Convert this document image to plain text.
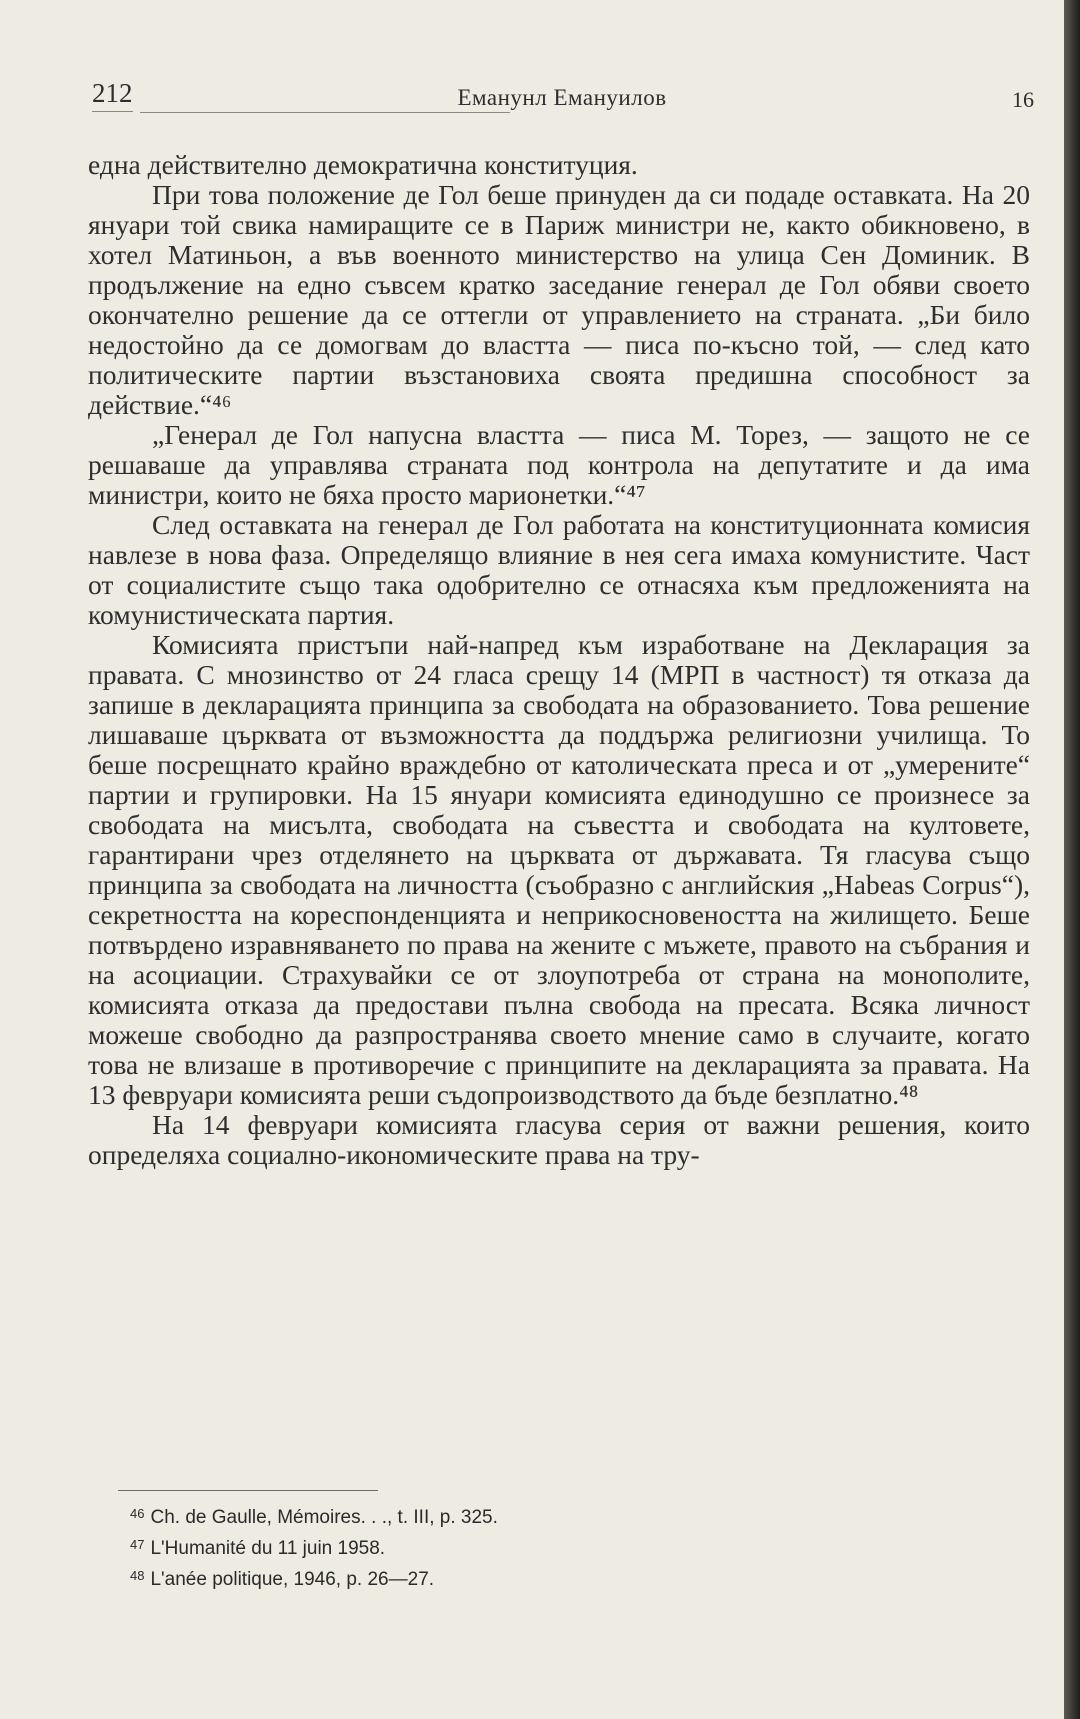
212	Еманунл Емануилов	16

една действително демократична конституция.

При това положение де Гол беше принуден да си подаде оставката. На 20 януари той свика намиращите се в Париж министри не, както обикновено, в хотел Матиньон, а във военното министерство на улица Сен Доминик. В продължение на едно съвсем кратко заседание генерал де Гол обяви своето окончателно решение да се оттегли от управлението на страната. „Би било недостойно да се домогвам до властта — писа по-късно той, — след като политическите партии възстановиха своята предишна способност за действие.“⁴⁶

„Генерал де Гол напусна властта — писа М. Торез, — защото не се решаваше да управлява страната под контрола на депутатите и да има министри, които не бяха просто марионетки.“⁴⁷

След оставката на генерал де Гол работата на конституционната комисия навлезе в нова фаза. Определящо влияние в нея сега имаха комунистите. Част от социалистите също така одобрително се отнасяха към предложенията на комунистическата партия.

Комисията пристъпи най-напред към изработване на Декларация за правата. С мнозинство от 24 гласа срещу 14 (МРП в частност) тя отказа да запише в декларацията принципа за свободата на образованието. Това решение лишаваше църквата от възможността да поддържа религиозни училища. То беше посрещнато крайно враждебно от католическата преса и от „умерените“ партии и групировки. На 15 януари комисията единодушно се произнесе за свободата на мисълта, свободата на съвестта и свободата на култовете, гарантирани чрез отделянето на църквата от държавата. Тя гласува също принципа за свободата на личността (съобразно с английския „Habeas Corpus“), секретността на кореспонденцията и неприкосновеността на жилището. Беше потвърдено изравняването по права на жените с мъжете, правото на събрания и на асоциации. Страхувайки се от злоупотреба от страна на монополите, комисията отказа да предостави пълна свобода на пресата. Всяка личност можеше свободно да разпространява своето мнение само в случаите, когато това не влизаше в противоречие с принципите на декларацията за правата. На 13 февруари комисията реши съдопроизводството да бъде безплатно.⁴⁸

На 14 февруари комисията гласува серия от важни решения, които определяха социално-икономическите права на тру-

$^{46}$ Ch. de Gaulle, Mémoires. . ., t. III, p. 325.
$^{47}$ L'Humanité du 11 juin 1958.
$^{48}$ L'anée politique, 1946, p. 26—27.
